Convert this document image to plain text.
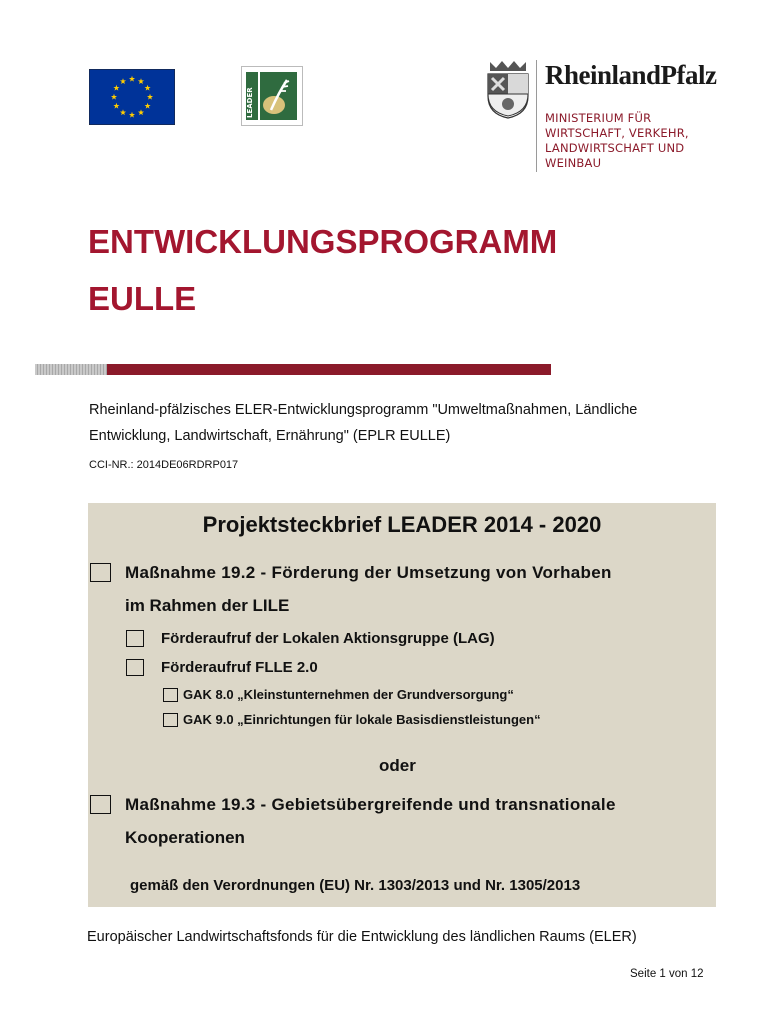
LEADER
RheinlandPfalz
MINISTERIUM FÜR
WIRTSCHAFT, VERKEHR,
LANDWIRTSCHAFT UND
WEINBAU
ENTWICKLUNGSPROGRAMM
EULLE
Rheinland-pfälzisches ELER-Entwicklungsprogramm "Umweltmaßnahmen, Ländliche
Entwicklung, Landwirtschaft, Ernährung" (EPLR EULLE)
CCI-NR.: 2014DE06RDRP017
Projektsteckbrief LEADER 2014 - 2020
Maßnahme 19.2 - Förderung der Umsetzung von Vorhaben
im Rahmen der LILE
Förderaufruf der Lokalen Aktionsgruppe (LAG)
Förderaufruf FLLE 2.0
GAK 8.0 „Kleinstunternehmen der Grundversorgung“
GAK 9.0 „Einrichtungen für lokale Basisdienstleistungen“
oder
Maßnahme 19.3 - Gebietsübergreifende und transnationale
Kooperationen
gemäß den Verordnungen (EU) Nr. 1303/2013 und Nr. 1305/2013
Europäischer Landwirtschaftsfonds für die Entwicklung des ländlichen Raums (ELER)
Seite 1 von 12
